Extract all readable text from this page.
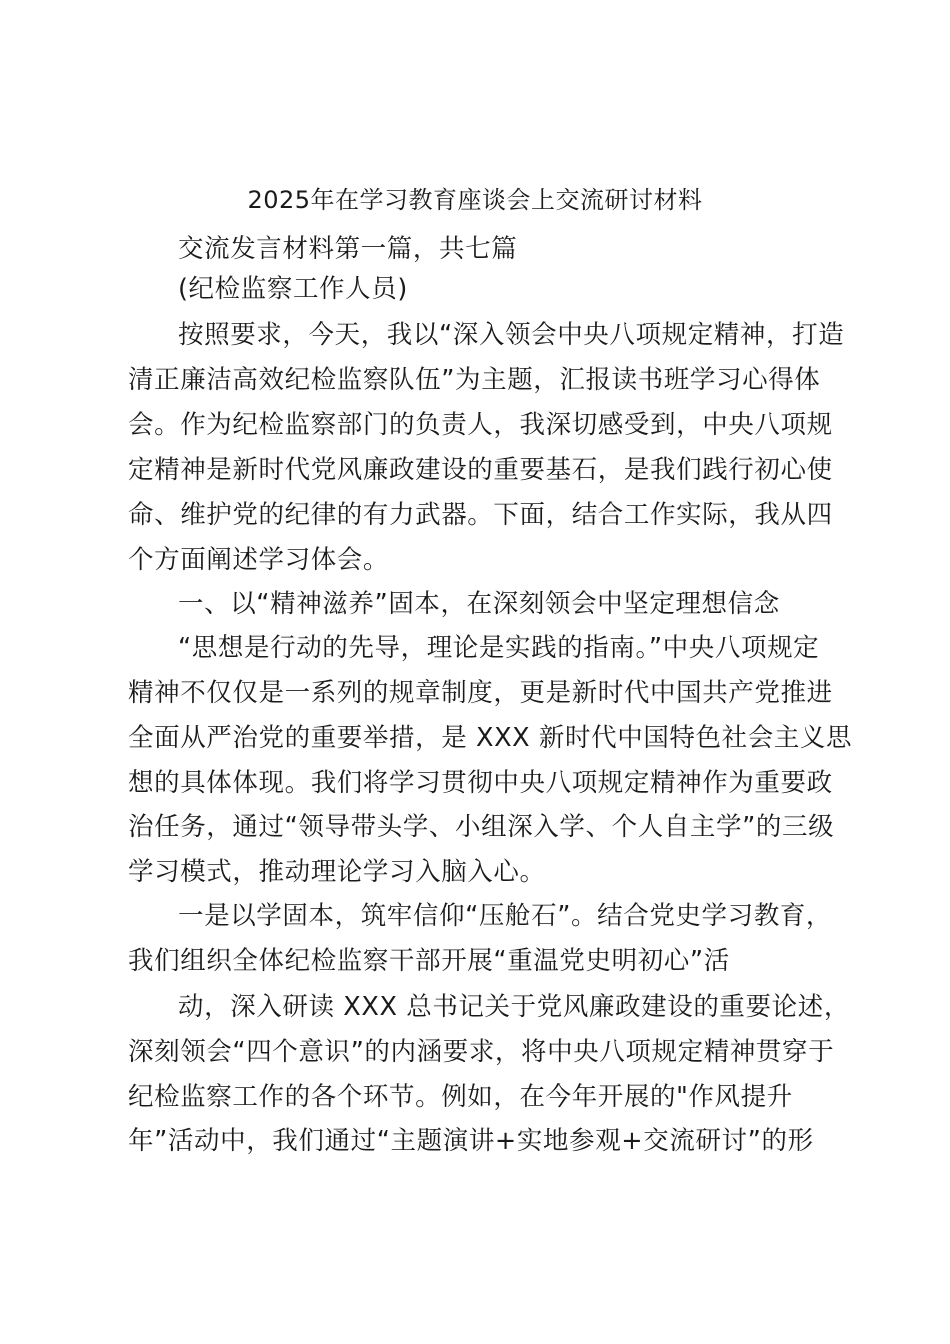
2025年在学习教育座谈会上交流研讨材料
交流发言材料第一篇，共七篇
(纪检监察工作人员)
按照要求，今天，我以“深入领会中央八项规定精神，打造
清正廉洁高效纪检监察队伍”为主题，汇报读书班学习心得体
会。作为纪检监察部门的负责人，我深切感受到，中央八项规
定精神是新时代党风廉政建设的重要基石，是我们践行初心使
命、维护党的纪律的有力武器。下面，结合工作实际，我从四
个方面阐述学习体会。
一、以“精神滋养”固本，在深刻领会中坚定理想信念
“思想是行动的先导，理论是实践的指南。”中央八项规定
精神不仅仅是一系列的规章制度，更是新时代中国共产党推进
全面从严治党的重要举措，是 XXX 新时代中国特色社会主义思
想的具体体现。我们将学习贯彻中央八项规定精神作为重要政
治任务，通过“领导带头学、小组深入学、个人自主学”的三级
学习模式，推动理论学习入脑入心。
一是以学固本，筑牢信仰“压舱石”。结合党史学习教育，
我们组织全体纪检监察干部开展“重温党史明初心”活
动，深入研读 XXX 总书记关于党风廉政建设的重要论述，
深刻领会“四个意识”的内涵要求，将中央八项规定精神贯穿于
纪检监察工作的各个环节。例如，在今年开展的"作风提升
年”活动中，我们通过“主题演讲+实地参观+交流研讨”的形
